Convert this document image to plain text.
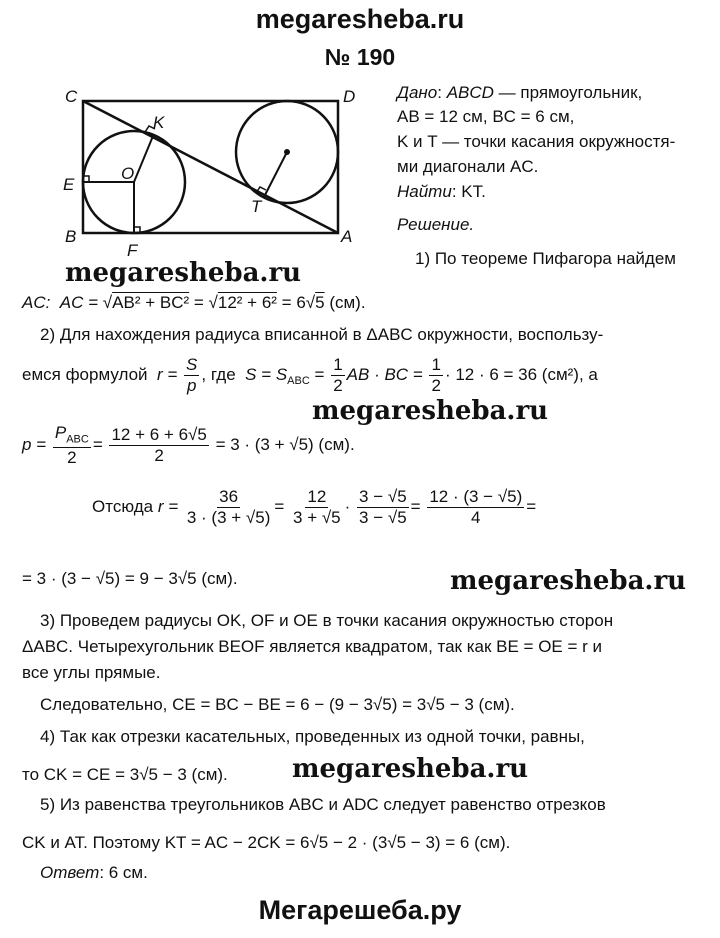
megaresheba.ru
№ 190
C	D
K
O
E
T
B
F
A
Дано: ABCD — прямоугольник,
AB = 12 см, BC = 6 см,
K и T — точки касания окружностя-
ми диагонали AC.
Найти: KT.
Решение.
1) По теореме Пифагора найдем
megaresheba.ru
AC: AC = √AB² + BC² = √12² + 6² = 6√5 (см).
2) Для нахождения радиуса вписанной в ΔABC окружности, воспользу-
емся формулой $r = \frac{S}{p}$ , где $S = S_{ABC} = \frac{1}{2}$ AB · BC = $\frac{1}{2} \cdot 12 \cdot 6 = 36$ (см²), а
megaresheba.ru
p =
$P_{ABC}$
2
= $\frac{12 + 6 + 6√5}{2} = 3 \cdot (3 + √5)$ (см).
Отсюда $r = \frac{36}{3 \cdot (3 + √5)} = \frac{12}{3 + √5} \cdot \frac{3 - √5}{3 - √5} = \frac{12 \cdot (3 - √5)}{4}$ =
= 3 · (3 − √5) = 9 − 3√5 (см).	megaresheba.ru
3) Проведем радиусы OK, OF и OE в точки касания окружностью сторон
ΔABC. Четырехугольник BEOF является квадратом, так как BE = OE = r и
все углы прямые.
Следовательно, CE = BC − BE = 6 − (9 − 3√5) = 3√5 − 3 (см).
4) Так как отрезки касательных, проведенных из одной точки, равны,
то CK = CE = 3√5 − 3 (см). megaresheba.ru
5) Из равенства треугольников ABC и ADC следует равенство отрезков
CK и AT. Поэтому KT = AC − 2CK = 6√5 − 2 · (3√5 − 3) = 6 (см).
Ответ: 6 см.
Мегарешеба.ру
